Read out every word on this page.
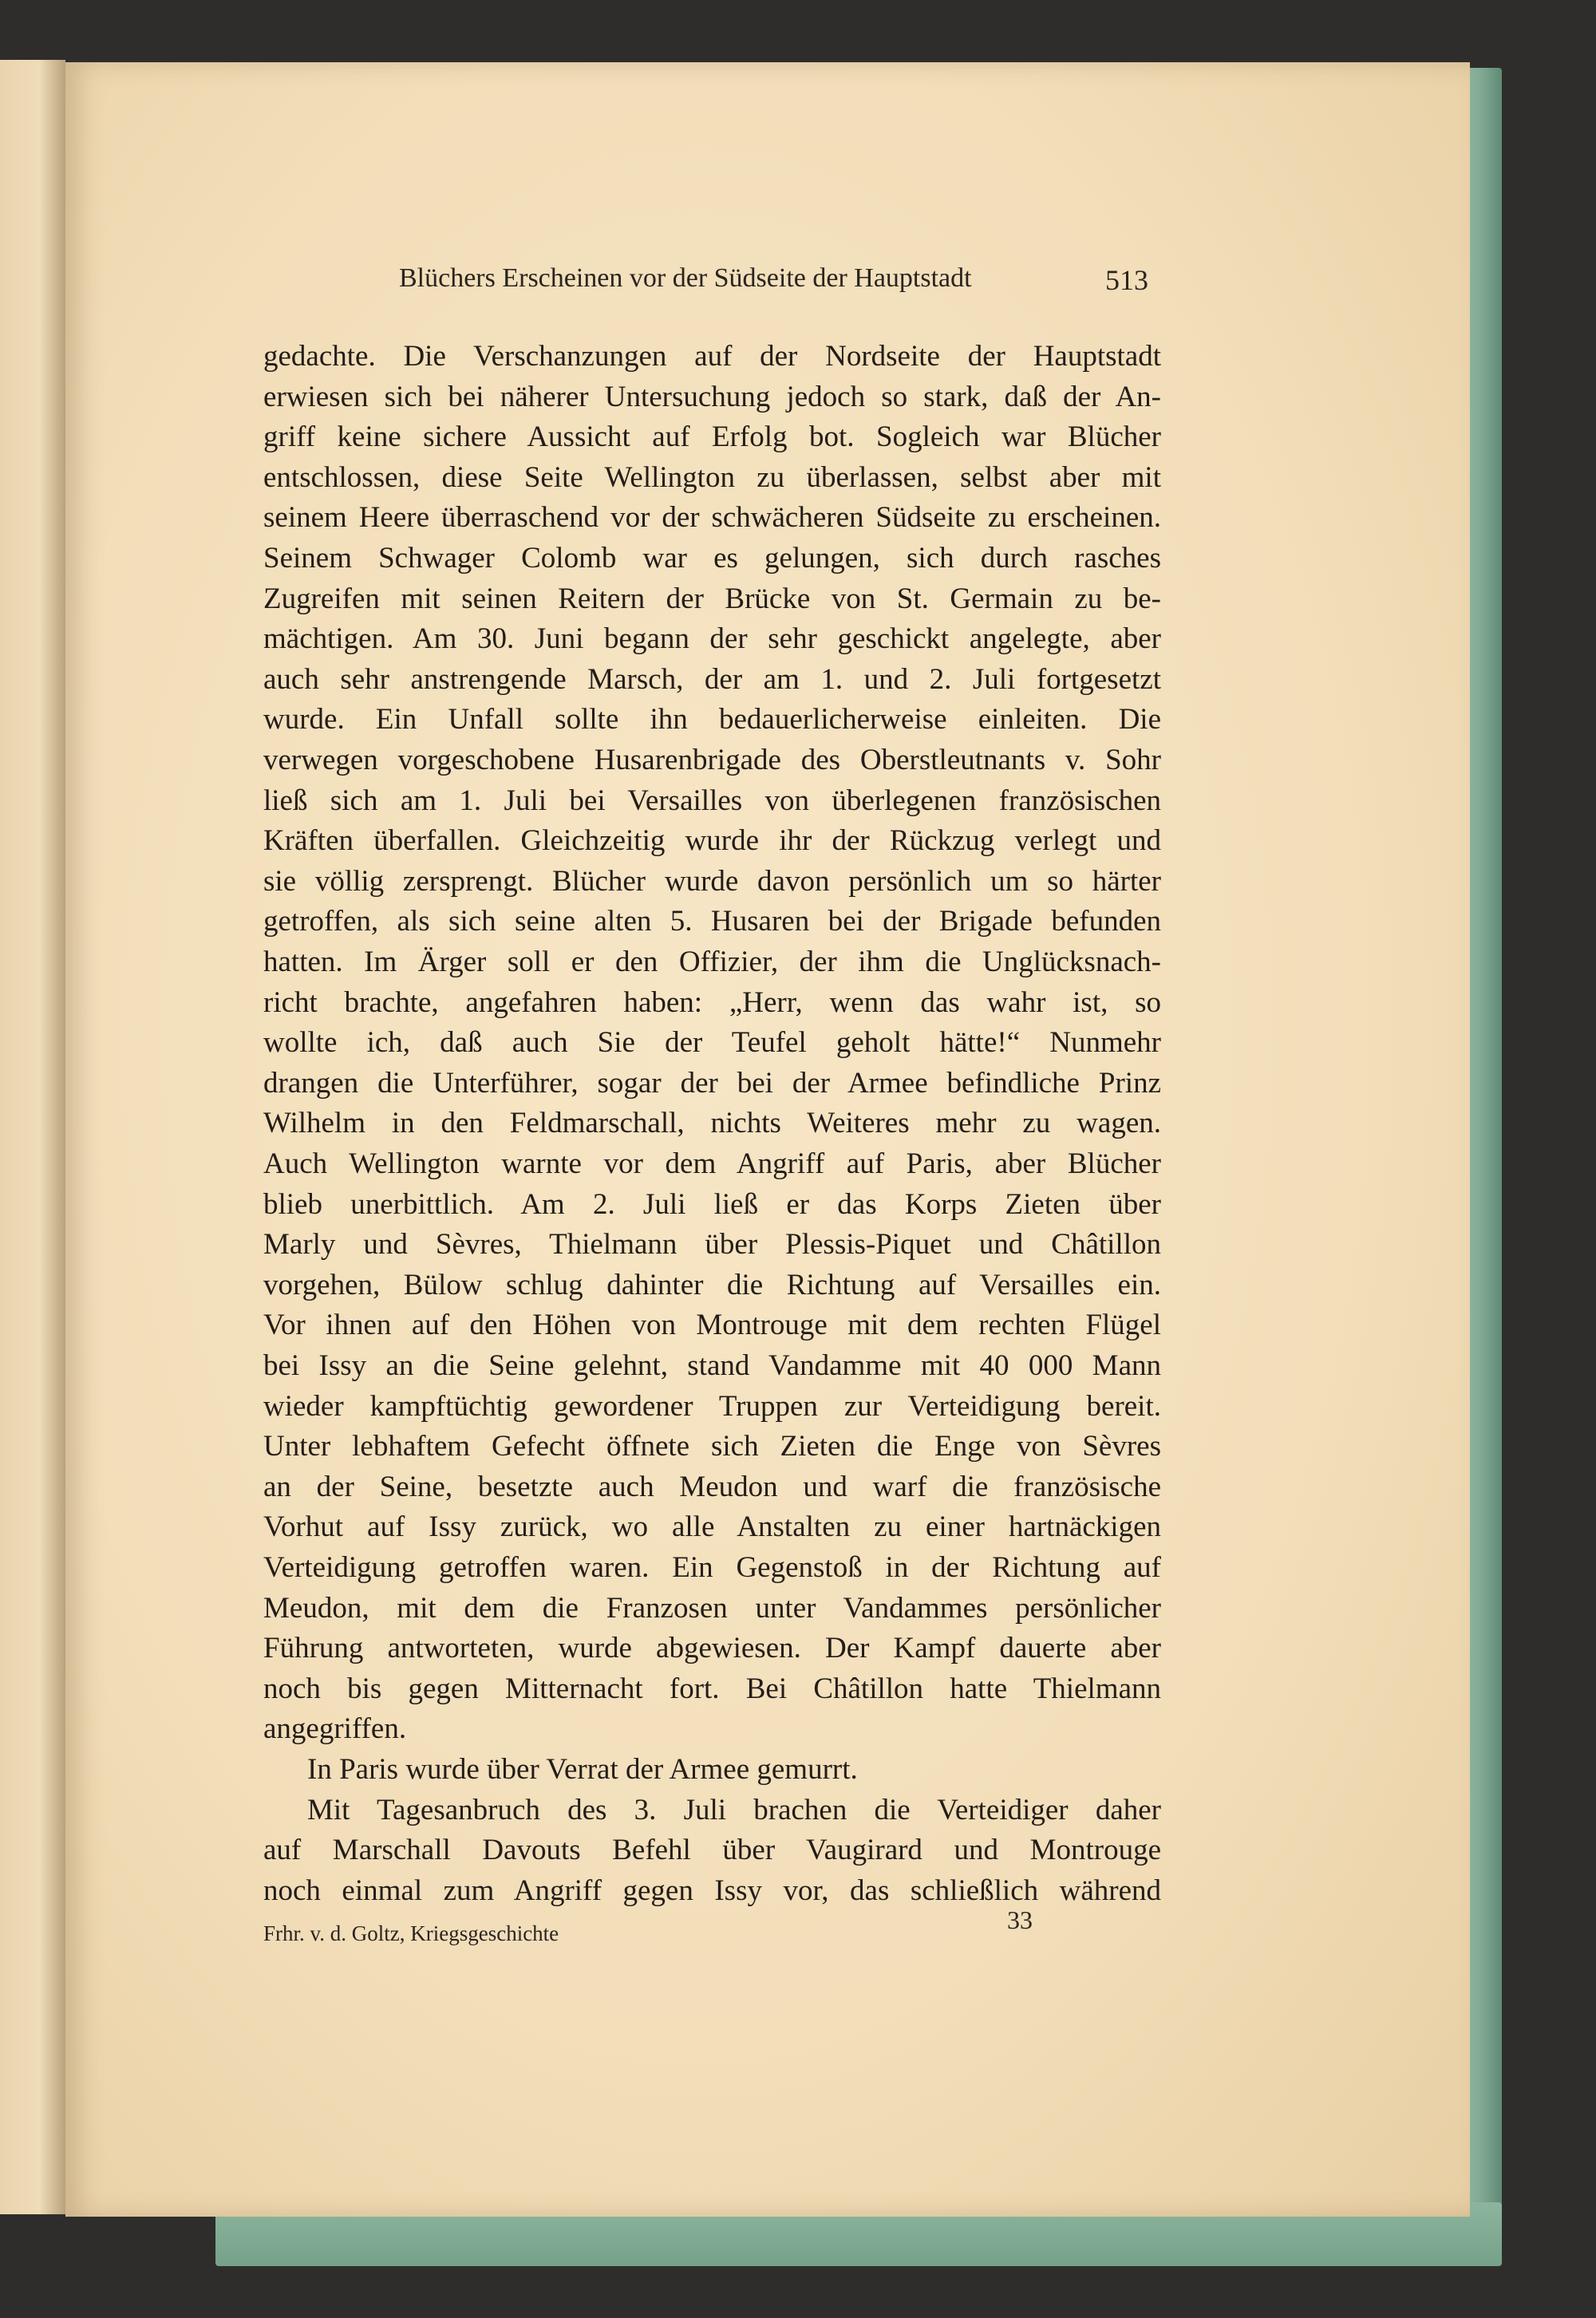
Blüchers Erscheinen vor der Südseite der Hauptstadt	513
gedachte. Die Verschanzungen auf der Nordseite der Hauptstadt
erwiesen sich bei näherer Untersuchung jedoch so stark, daß der An-
griff keine sichere Aussicht auf Erfolg bot. Sogleich war Blücher
entschlossen, diese Seite Wellington zu überlassen, selbst aber mit
seinem Heere überraschend vor der schwächeren Südseite zu erscheinen.
Seinem Schwager Colomb war es gelungen, sich durch rasches
Zugreifen mit seinen Reitern der Brücke von St. Germain zu be-
mächtigen. Am 30. Juni begann der sehr geschickt angelegte, aber
auch sehr anstrengende Marsch, der am 1. und 2. Juli fortgesetzt
wurde. Ein Unfall sollte ihn bedauerlicherweise einleiten. Die
verwegen vorgeschobene Husarenbrigade des Oberstleutnants v. Sohr
ließ sich am 1. Juli bei Versailles von überlegenen französischen
Kräften überfallen. Gleichzeitig wurde ihr der Rückzug verlegt und
sie völlig zersprengt. Blücher wurde davon persönlich um so härter
getroffen, als sich seine alten 5. Husaren bei der Brigade befunden
hatten. Im Ärger soll er den Offizier, der ihm die Unglücksnach-
richt brachte, angefahren haben: „Herr, wenn das wahr ist, so
wollte ich, daß auch Sie der Teufel geholt hätte!“ Nunmehr
drangen die Unterführer, sogar der bei der Armee befindliche Prinz
Wilhelm in den Feldmarschall, nichts Weiteres mehr zu wagen.
Auch Wellington warnte vor dem Angriff auf Paris, aber Blücher
blieb unerbittlich. Am 2. Juli ließ er das Korps Zieten über
Marly und Sèvres, Thielmann über Plessis-Piquet und Châtillon
vorgehen, Bülow schlug dahinter die Richtung auf Versailles ein.
Vor ihnen auf den Höhen von Montrouge mit dem rechten Flügel
bei Issy an die Seine gelehnt, stand Vandamme mit 40 000 Mann
wieder kampftüchtig gewordener Truppen zur Verteidigung bereit.
Unter lebhaftem Gefecht öffnete sich Zieten die Enge von Sèvres
an der Seine, besetzte auch Meudon und warf die französische
Vorhut auf Issy zurück, wo alle Anstalten zu einer hartnäckigen
Verteidigung getroffen waren. Ein Gegenstoß in der Richtung auf
Meudon, mit dem die Franzosen unter Vandammes persönlicher
Führung antworteten, wurde abgewiesen. Der Kampf dauerte aber
noch bis gegen Mitternacht fort. Bei Châtillon hatte Thielmann
angegriffen.
In Paris wurde über Verrat der Armee gemurrt.
Mit Tagesanbruch des 3. Juli brachen die Verteidiger daher
auf Marschall Davouts Befehl über Vaugirard und Montrouge
noch einmal zum Angriff gegen Issy vor, das schließlich während
33
Frhr. v. d. Goltz, Kriegsgeschichte
